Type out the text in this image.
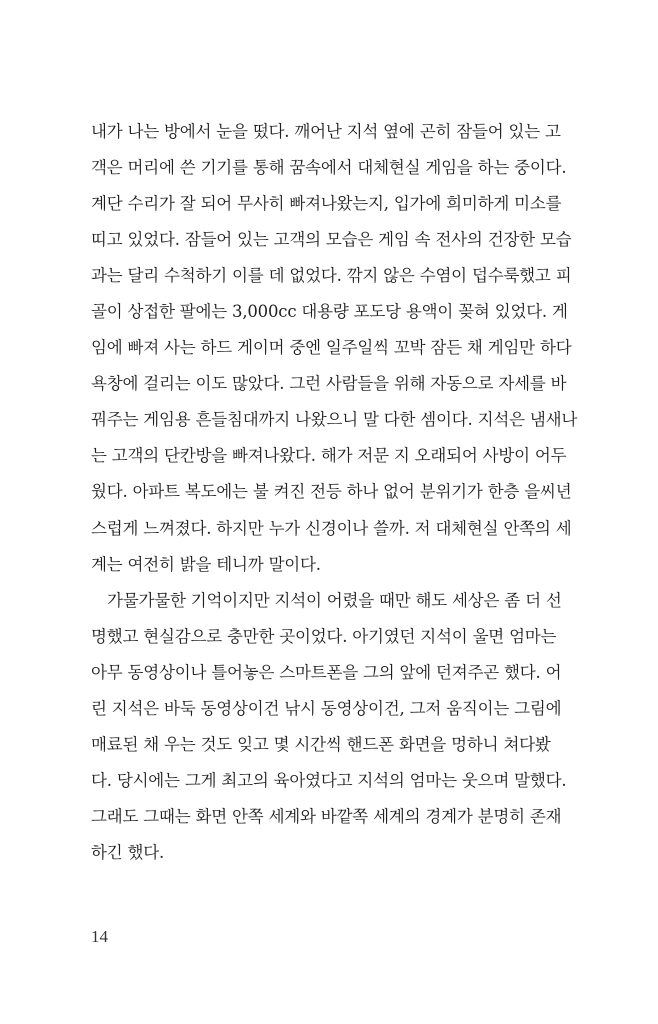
내가 나는 방에서 눈을 떴다. 깨어난 지석 옆에 곤히 잠들어 있는 고
객은 머리에 쓴 기기를 통해 꿈속에서 대체현실 게임을 하는 중이다.
계단 수리가 잘 되어 무사히 빠져나왔는지, 입가에 희미하게 미소를
띠고 있었다. 잠들어 있는 고객의 모습은 게임 속 전사의 건장한 모습
과는 달리 수척하기 이를 데 없었다. 깎지 않은 수염이 덥수룩했고 피
골이 상접한 팔에는 3,000cc 대용량 포도당 용액이 꽂혀 있었다. 게
임에 빠져 사는 하드 게이머 중엔 일주일씩 꼬박 잠든 채 게임만 하다
욕창에 걸리는 이도 많았다. 그런 사람들을 위해 자동으로 자세를 바
꿔주는 게임용 흔들침대까지 나왔으니 말 다한 셈이다. 지석은 냄새나
는 고객의 단칸방을 빠져나왔다. 해가 저문 지 오래되어 사방이 어두
웠다. 아파트 복도에는 불 켜진 전등 하나 없어 분위기가 한층 을씨년
스럽게 느껴졌다. 하지만 누가 신경이나 쓸까. 저 대체현실 안쪽의 세
계는 여전히 밝을 테니까 말이다.
가물가물한 기억이지만 지석이 어렸을 때만 해도 세상은 좀 더 선
명했고 현실감으로 충만한 곳이었다. 아기였던 지석이 울면 엄마는
아무 동영상이나 틀어놓은 스마트폰을 그의 앞에 던져주곤 했다. 어
린 지석은 바둑 동영상이건 낚시 동영상이건, 그저 움직이는 그림에
매료된 채 우는 것도 잊고 몇 시간씩 핸드폰 화면을 멍하니 쳐다봤
다. 당시에는 그게 최고의 육아였다고 지석의 엄마는 웃으며 말했다.
그래도 그때는 화면 안쪽 세계와 바깥쪽 세계의 경계가 분명히 존재
하긴 했다.
14
